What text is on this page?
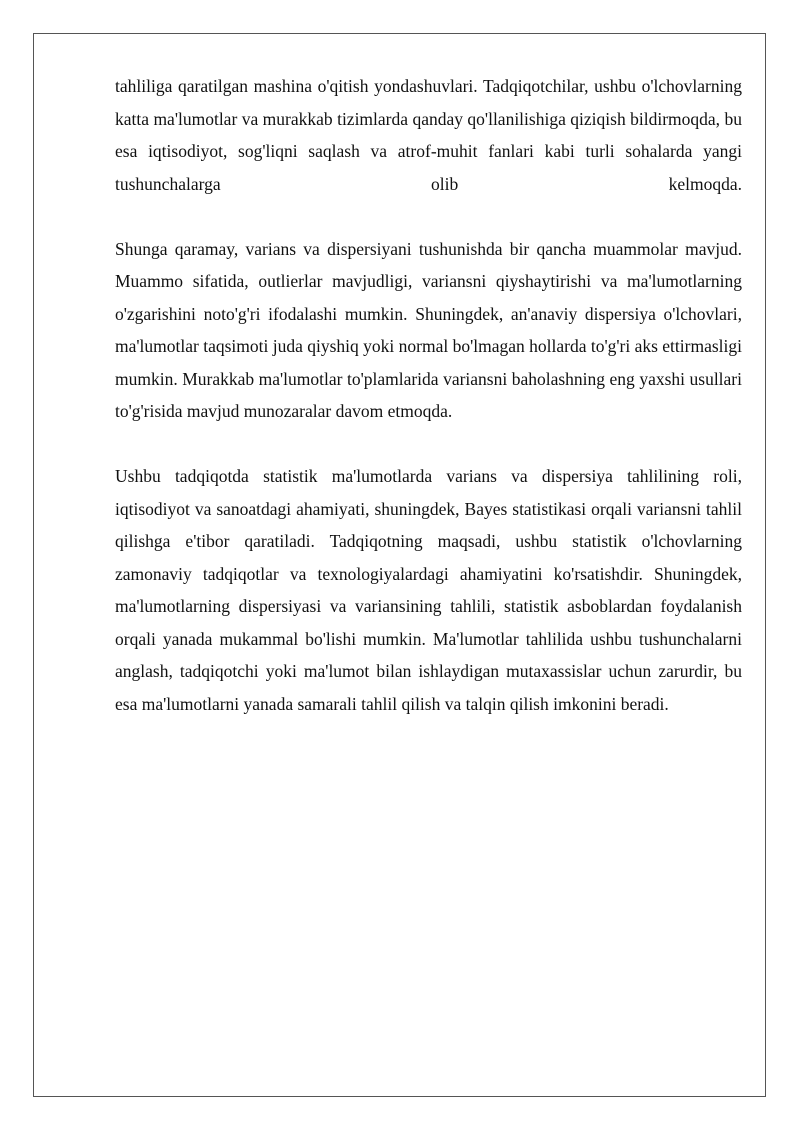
tahliliga qaratilgan mashina o'qitish yondashuvlari. Tadqiqotchilar, ushbu o'lchovlarning katta ma'lumotlar va murakkab tizimlarda qanday qo'llanilishiga qiziqish bildirmoqda, bu esa iqtisodiyot, sog'liqni saqlash va atrof-muhit fanlari kabi turli sohalarda yangi tushunchalarga olib kelmoqda.

Shunga qaramay, varians va dispersiyani tushunishda bir qancha muammolar mavjud. Muammo sifatida, outlierlar mavjudligi, variansni qiyshaytirishi va ma'lumotlarning o'zgarishini noto'g'ri ifodalashi mumkin. Shuningdek, an'anaviy dispersiya o'lchovlari, ma'lumotlar taqsimoti juda qiyshiq yoki normal bo'lmagan hollarda to'g'ri aks ettirmasligi mumkin. Murakkab ma'lumotlar to'plamlarida variansni baholashning eng yaxshi usullari to'g'risida mavjud munozaralar davom etmoqda.

Ushbu tadqiqotda statistik ma'lumotlarda varians va dispersiya tahlilining roli, iqtisodiyot va sanoatdagi ahamiyati, shuningdek, Bayes statistikasi orqali variansni tahlil qilishga e'tibor qaratiladi. Tadqiqotning maqsadi, ushbu statistik o'lchovlarning zamonaviy tadqiqotlar va texnologiyalardagi ahamiyatini ko'rsatishdir. Shuningdek, ma'lumotlarning dispersiyasi va variansining tahlili, statistik asboblardan foydalanish orqali yanada mukammal bo'lishi mumkin. Ma'lumotlar tahlilida ushbu tushunchalarni anglash, tadqiqotchi yoki ma'lumot bilan ishlaydigan mutaxassislar uchun zarurdir, bu esa ma'lumotlarni yanada samarali tahlil qilish va talqin qilish imkonini beradi.
